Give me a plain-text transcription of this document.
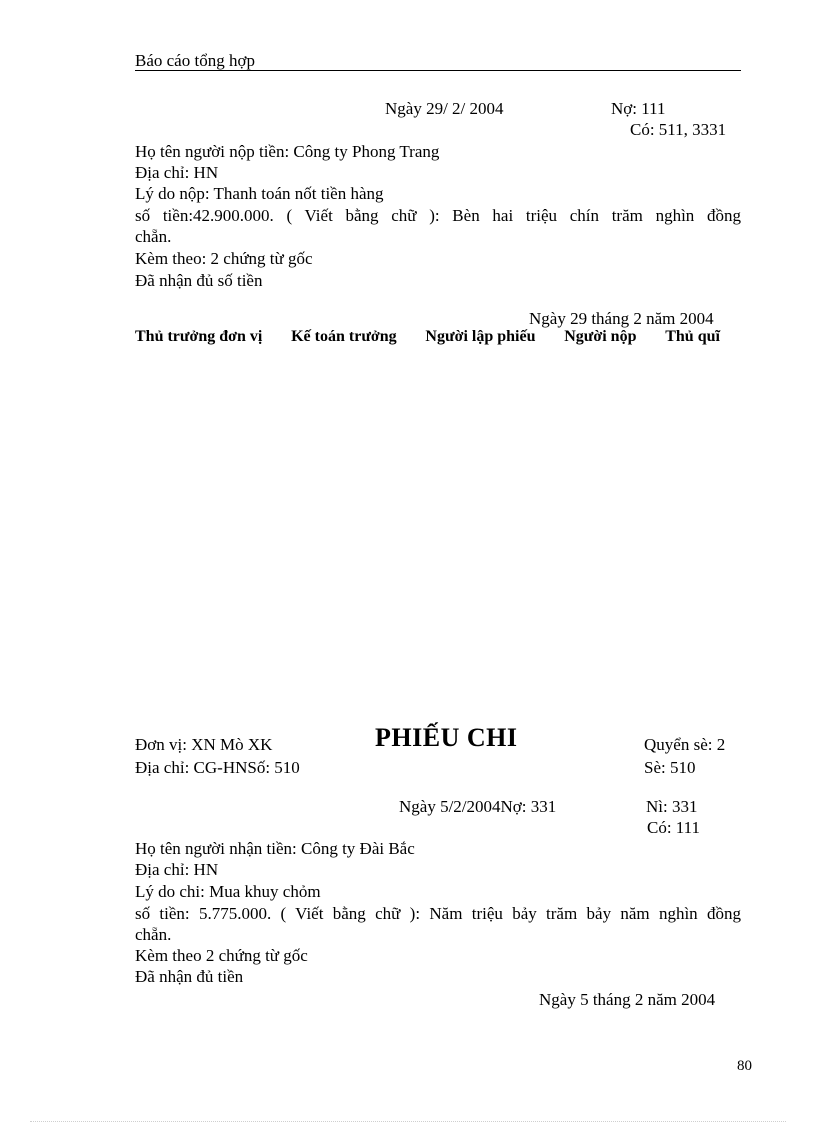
Báo cáo tổng hợp
Ngày 29/ 2/ 2004	Nợ: 111
Có: 511, 3331
Họ tên người nộp tiền: Công ty Phong Trang
Địa chỉ: HN
Lý do nộp: Thanh toán nốt tiền hàng
số tiền:42.900.000. ( Viết bằng chữ ): Bèn hai triệu chín trăm nghìn đồng
chẵn.
Kèm theo: 2 chứng từ gốc
Đã nhận đủ số tiền
Ngày 29 tháng 2 năm 2004
Thủ trưởng đơn vị Kế toán trưởng Người lập phiếu Người nộp Thủ quĩ
Đơn vị: XN Mò XK	PHIẾU CHI	Quyển sè: 2
Địa chỉ: CG-HNSố: 510	Sè: 510
Ngày 5/2/2004Nợ: 331	Nì: 331
Có: 111
Họ tên người nhận tiền: Công ty Đài Bắc
Địa chỉ: HN
Lý do chi: Mua khuy chỏm
số tiền: 5.775.000. ( Viết bằng chữ ): Năm triệu bảy trăm bảy năm nghìn đồng
chẵn.
Kèm theo 2 chứng từ gốc
Đã nhận đủ tiền
Ngày 5 tháng 2 năm 2004
80
